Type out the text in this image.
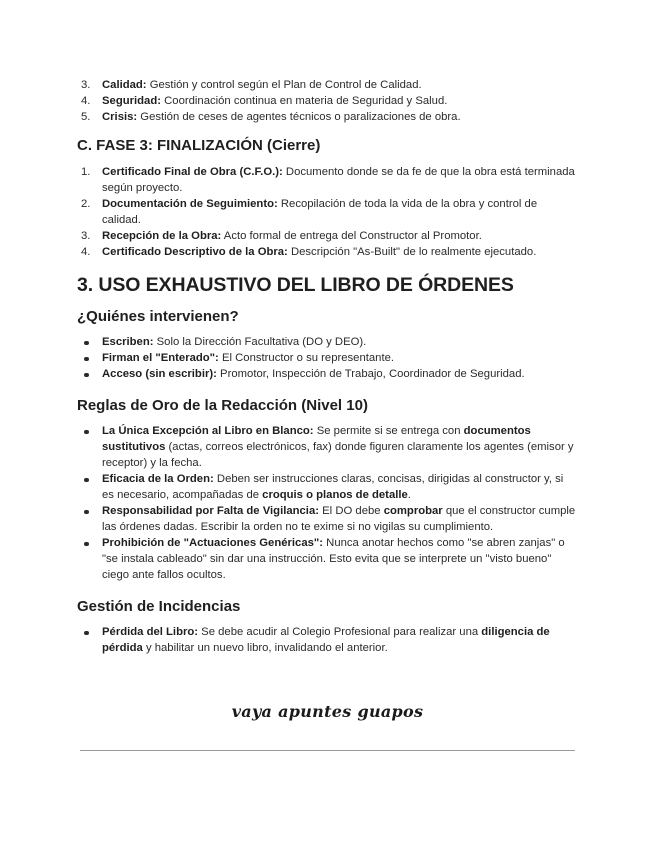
3. Calidad: Gestión y control según el Plan de Control de Calidad.
4. Seguridad: Coordinación continua en materia de Seguridad y Salud.
5. Crisis: Gestión de ceses de agentes técnicos o paralizaciones de obra.
C. FASE 3: FINALIZACIÓN (Cierre)
1. Certificado Final de Obra (C.F.O.): Documento donde se da fe de que la obra está terminada según proyecto.
2. Documentación de Seguimiento: Recopilación de toda la vida de la obra y control de calidad.
3. Recepción de la Obra: Acto formal de entrega del Constructor al Promotor.
4. Certificado Descriptivo de la Obra: Descripción "As-Built" de lo realmente ejecutado.
3. USO EXHAUSTIVO DEL LIBRO DE ÓRDENES
¿Quiénes intervienen?
Escriben: Solo la Dirección Facultativa (DO y DEO).
Firman el "Enterado": El Constructor o su representante.
Acceso (sin escribir): Promotor, Inspección de Trabajo, Coordinador de Seguridad.
Reglas de Oro de la Redacción (Nivel 10)
La Única Excepción al Libro en Blanco: Se permite si se entrega con documentos sustitutivos (actas, correos electrónicos, fax) donde figuren claramente los agentes (emisor y receptor) y la fecha.
Eficacia de la Orden: Deben ser instrucciones claras, concisas, dirigidas al constructor y, si es necesario, acompañadas de croquis o planos de detalle.
Responsabilidad por Falta de Vigilancia: El DO debe comprobar que el constructor cumple las órdenes dadas. Escribir la orden no te exime si no vigilas su cumplimiento.
Prohibición de "Actuaciones Genéricas": Nunca anotar hechos como "se abren zanjas" o "se instala cableado" sin dar una instrucción. Esto evita que se interprete un "visto bueno" ciego ante fallos ocultos.
Gestión de Incidencias
Pérdida del Libro: Se debe acudir al Colegio Profesional para realizar una diligencia de pérdida y habilitar un nuevo libro, invalidando el anterior.
vaya apuntes guapos
